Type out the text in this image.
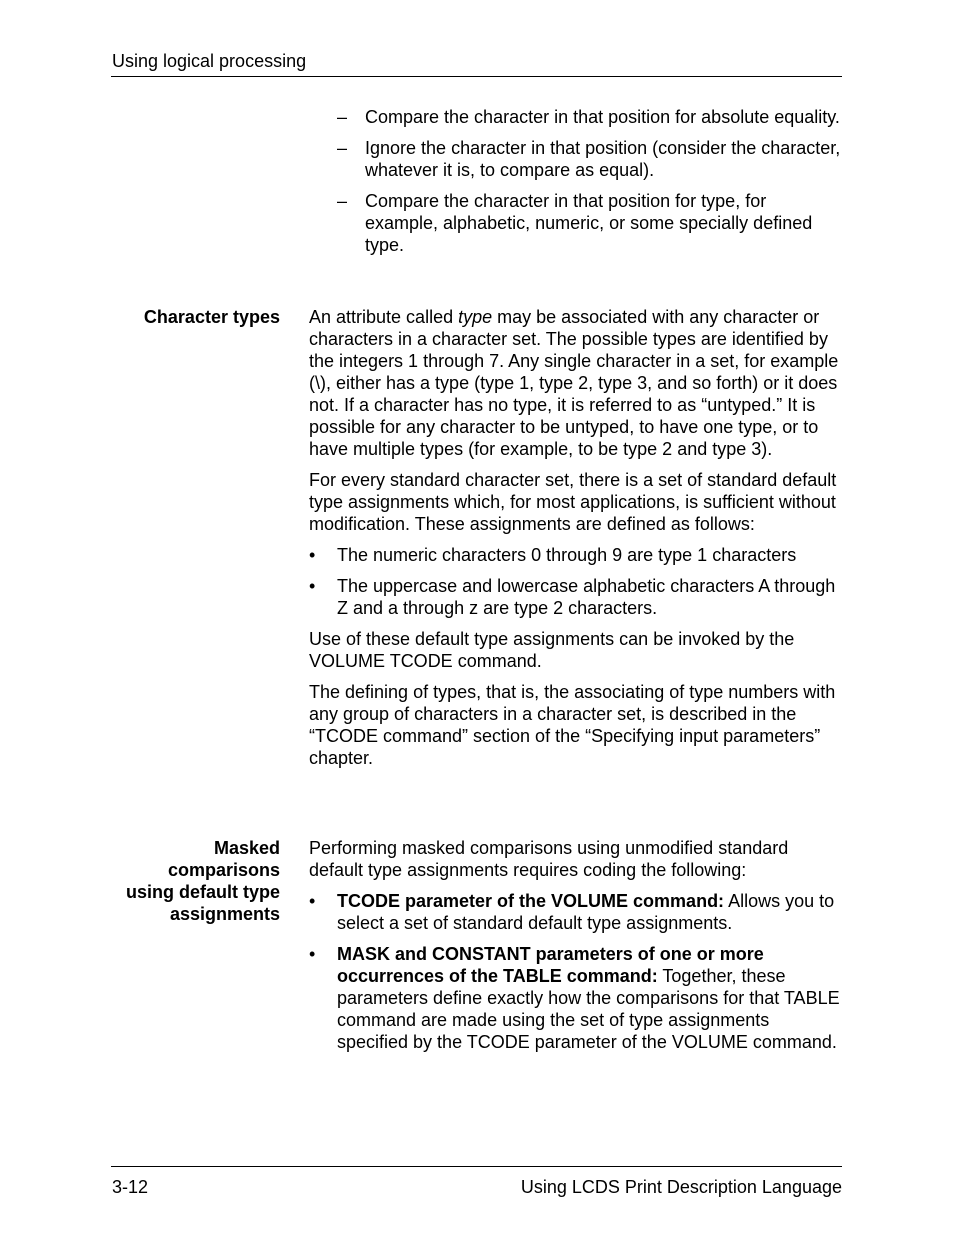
Using logical processing
– Compare the character in that position for absolute equality.

– Ignore the character in that position (consider the character, whatever it is, to compare as equal).

– Compare the character in that position for type, for example, alphabetic, numeric, or some specially defined type.

Character types An attribute called type may be associated with any character or characters in a character set. The possible types are identified by the integers 1 through 7. Any single character in a set, for example (\), either has a type (type 1, type 2, type 3, and so forth) or it does not. If a character has no type, it is referred to as “untyped.” It is possible for any character to be untyped, to have one type, or to have multiple types (for example, to be type 2 and type 3).

For every standard character set, there is a set of standard default type assignments which, for most applications, is sufficient without modification. These assignments are defined as follows:

• The numeric characters 0 through 9 are type 1 characters

• The uppercase and lowercase alphabetic characters A through Z and a through z are type 2 characters.

Use of these default type assignments can be invoked by the VOLUME TCODE command.

The defining of types, that is, the associating of type numbers with any group of characters in a character set, is described in the “TCODE command” section of the “Specifying input parameters” chapter.

Masked
comparisons
using default type
assignments

Performing masked comparisons using unmodified standard default type assignments requires coding the following:

• TCODE parameter of the VOLUME command: Allows you to select a set of standard default type assignments.

• MASK and CONSTANT parameters of one or more occurrences of the TABLE command: Together, these parameters define exactly how the comparisons for that TABLE command are made using the set of type assignments specified by the TCODE parameter of the VOLUME command.

3-12	Using LCDS Print Description Language
